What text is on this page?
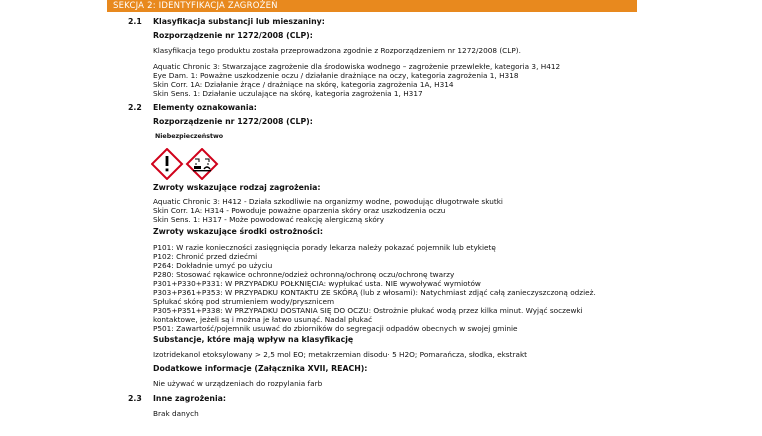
SEKCJA 2: IDENTYFIKACJA ZAGROŻEŃ
2.1 Klasyfikacja substancji lub mieszaniny:
Rozporządzenie nr 1272/2008 (CLP):
Klasyfikacja tego produktu została przeprowadzona zgodnie z Rozporządzeniem nr 1272/2008 (CLP).
Aquatic Chronic 3: Stwarzające zagrożenie dla środowiska wodnego – zagrożenie przewlekłe, kategoria 3, H412
Eye Dam. 1: Poważne uszkodzenie oczu / działanie drażniące na oczy, kategoria zagrożenia 1, H318
Skin Corr. 1A: Działanie żrące / drażniące na skórę, kategoria zagrożenia 1A, H314
Skin Sens. 1: Działanie uczulające na skórę, kategoria zagrożenia 1, H317
2.2 Elementy oznakowania:
Rozporządzenie nr 1272/2008 (CLP):
Niebezpieczeństwo
Zwroty wskazujące rodzaj zagrożenia:
Aquatic Chronic 3: H412 - Działa szkodliwie na organizmy wodne, powodując długotrwałe skutki
Skin Corr. 1A: H314 - Powoduje poważne oparzenia skóry oraz uszkodzenia oczu
Skin Sens. 1: H317 - Może powodować reakcję alergiczną skóry
Zwroty wskazujące środki ostrożności:
P101: W razie konieczności zasięgnięcia porady lekarza należy pokazać pojemnik lub etykietę
P102: Chronić przed dziećmi
P264: Dokładnie umyć po użyciu
P280: Stosować rękawice ochronne/odzież ochronną/ochronę oczu/ochronę twarzy
P301+P330+P331: W PRZYPADKU POŁKNIĘCIA: wypłukać usta. NIE wywoływać wymiotów
P303+P361+P353: W PRZYPADKU KONTAKTU ZE SKÓRĄ (lub z włosami): Natychmiast zdjąć całą zanieczyszczoną odzież.
Spłukać skórę pod strumieniem wody/prysznicem
P305+P351+P338: W PRZYPADKU DOSTANIA SIĘ DO OCZU: Ostrożnie płukać wodą przez kilka minut. Wyjąć soczewki
kontaktowe, jeżeli są i można je łatwo usunąć. Nadal płukać
P501: Zawartość/pojemnik usuwać do zbiorników do segregacji odpadów obecnych w swojej gminie
Substancje, które mają wpływ na klasyfikację
Izotridekanol etoksylowany > 2,5 mol EO; metakrzemian disodu· 5 H2O; Pomarańcza, słodka, ekstrakt
Dodatkowe informacje (Załącznika XVII, REACH):
Nie używać w urządzeniach do rozpylania farb
2.3 Inne zagrożenia:
Brak danych
